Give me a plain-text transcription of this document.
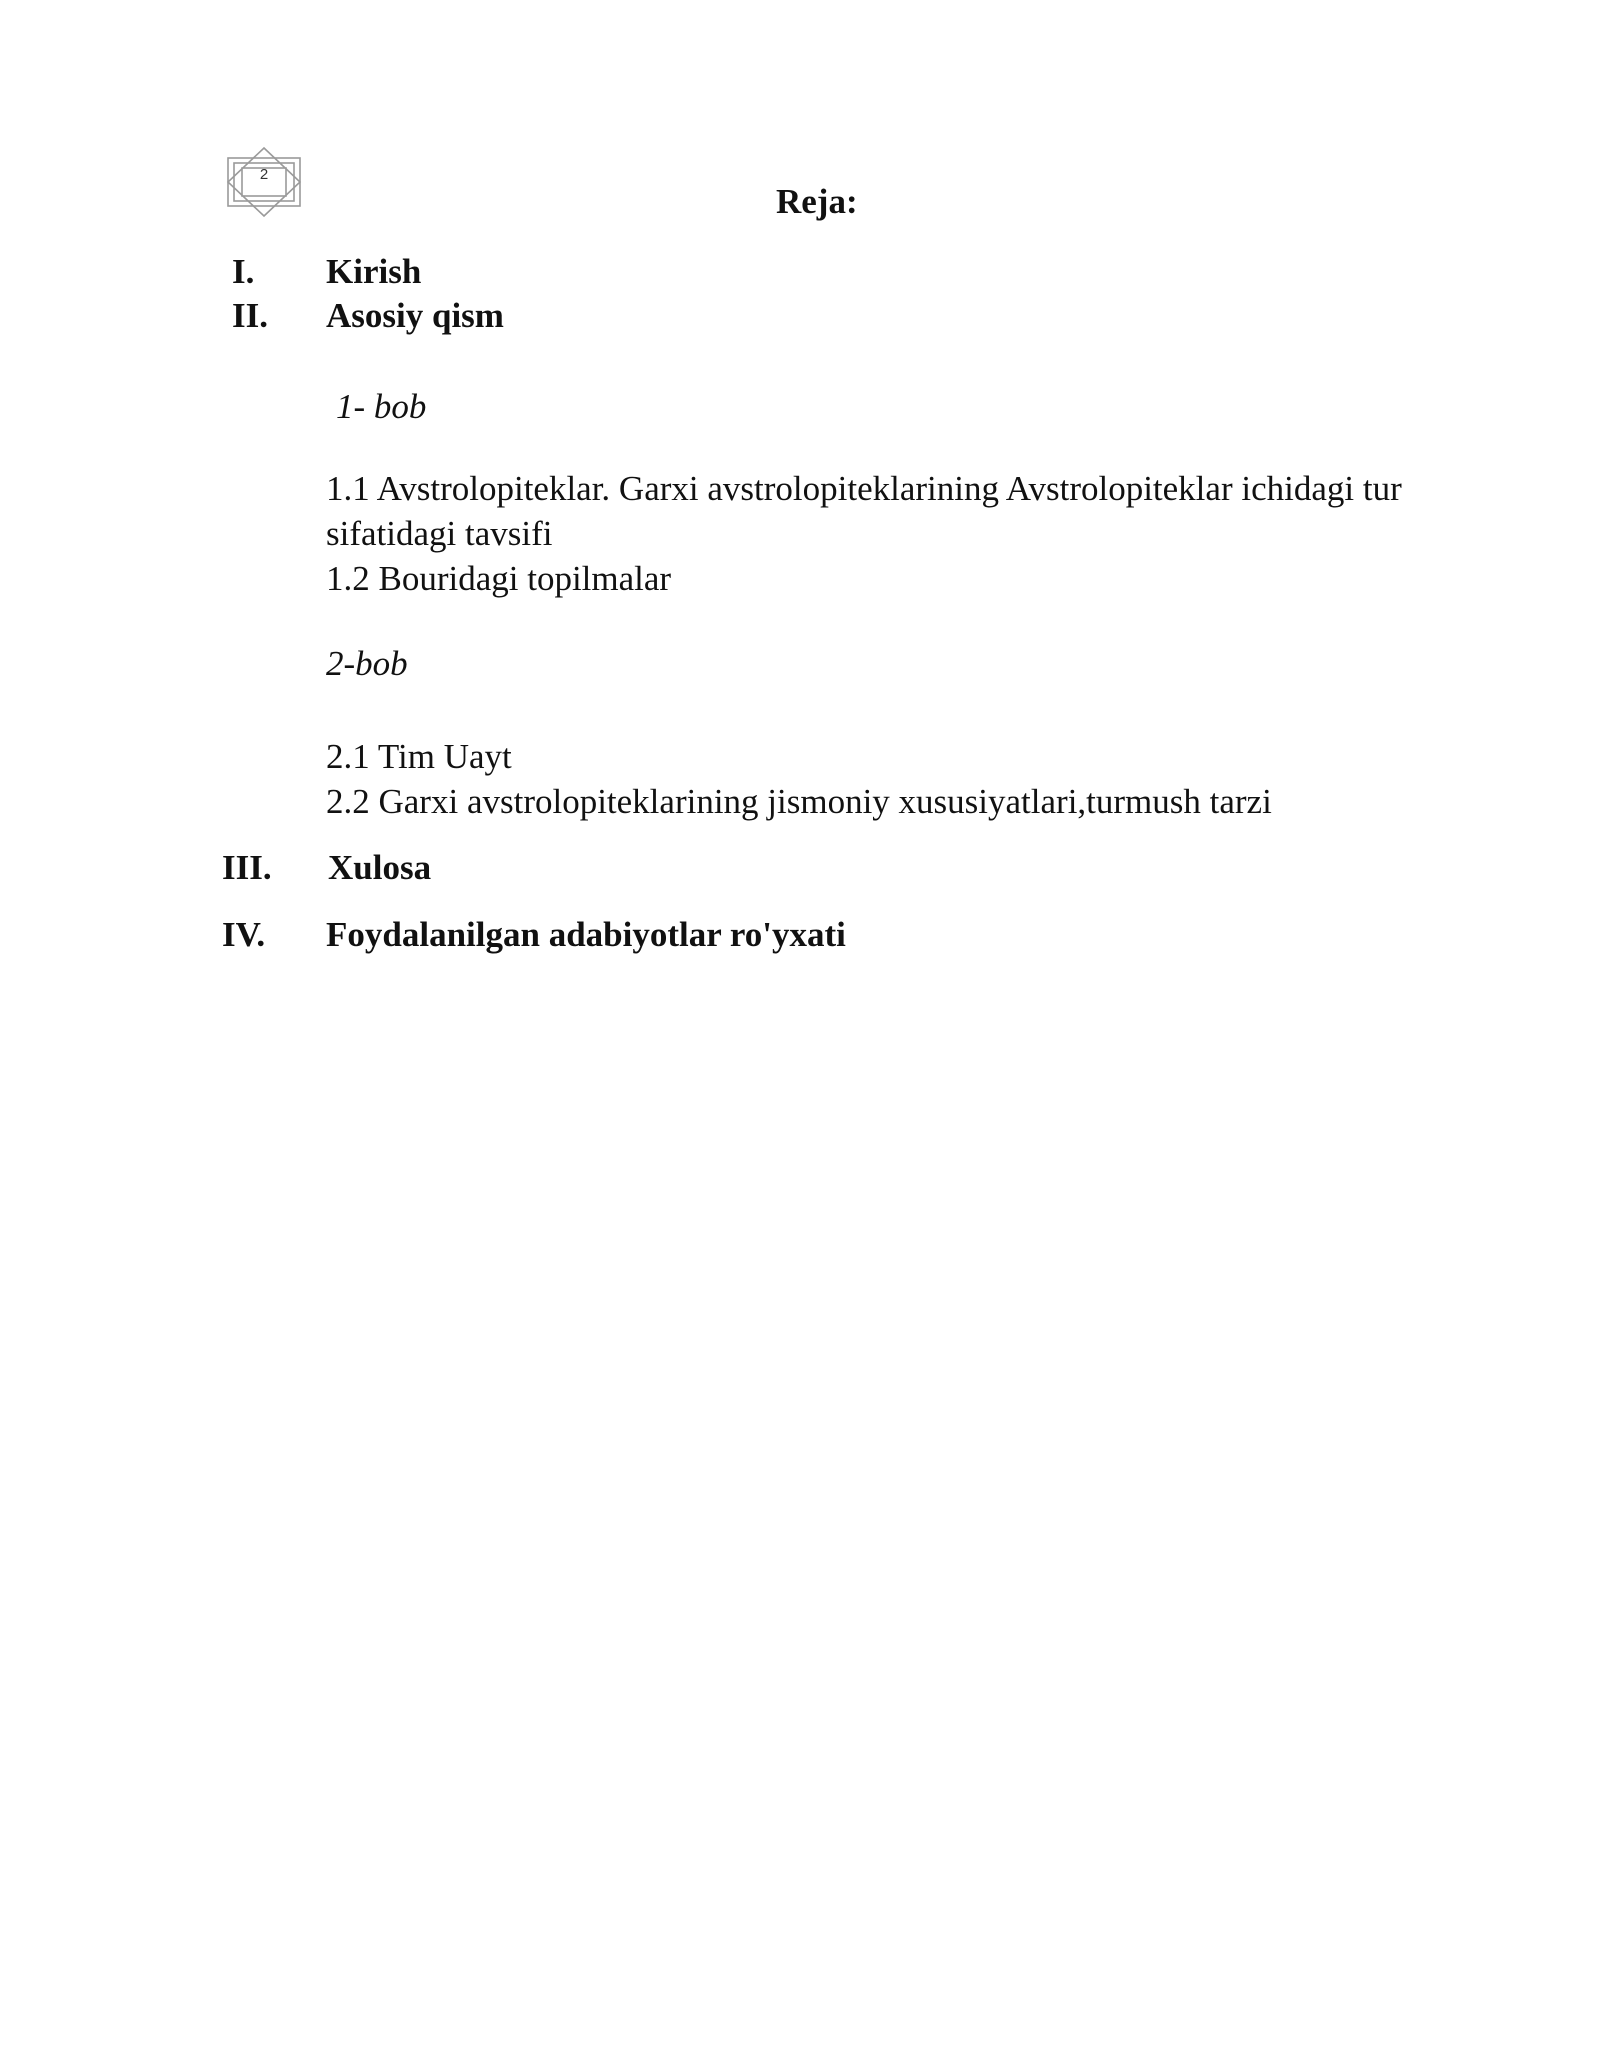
2
Reja:
I. Kirish
II. Asosiy qism
1- bob
1.1 Avstrolopiteklar. Garxi avstrolopiteklarining Avstrolopiteklar ichidagi tur sifatidagi tavsifi
1.2 Bouridagi topilmalar
2-bob
2.1 Tim Uayt
2.2 Garxi avstrolopiteklarining jismoniy xususiyatlari,turmush tarzi
III. Xulosa
IV. Foydalanilgan adabiyotlar ro'yxati
